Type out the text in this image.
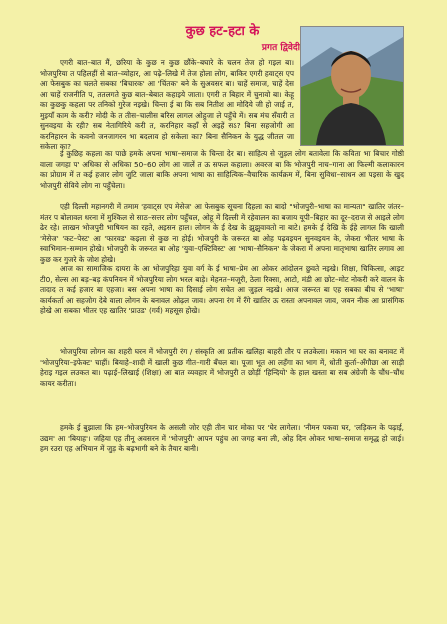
कुछ हट-हटा के
प्रगत द्विवेदी

एगरी बात–बात मैं, छरिया के कुछ न कुछ छौंके–बघारे के चलन तेज हो गइल बा। भोजपुरिया त पहिलहीं से बात–व्योहार, आ पढ़े–लिखे में तेज होला लोग, बाकिर एगरी हवाट्स एप आ फेसबुक का चलते सबका 'बिचारक' आ 'चिंतक' बने के सुअवसर बा। चाहें समाज, चाहें देस आ चाहें राजनीति प, ततलगते कुछ बात–बेबात कहाइये जाता। एगरी त बिहार में चुनावो बा। केहू का कुछकु कहला पर तनिको गुरेज नइखे। चिन्ता ई बा कि सब नितीश आ मोदिये जी हो जाई त, मुइयाँ काम के करी? मोदी के त तीस–चालीस बरिस लागल ओहुजा ले पहुँचे में। सब मंच सँवारी त सुनवइया के रही? सब नेतागिरिये करी त, करनिहार कहाँ से अइहें सऽ? बिना सहजोगी आ करनिहारन के कवनो जनजागरन भा बदलाव हो सकेला का? बिना सैनिकन के युद्ध जीतल जा सकेला का?

ई कुछिह कहला का पाछे हमके अपना भाषा–समाज के चिन्ता देर बा। साहित्य से जुड़ल लोग बतावेला कि कविता भा बिचार गोष्ठी वाला जगहा प' अधिका से अधिका 50–60 लोग आ जालें त ऊ सफल कहाला। अवरज बा कि भोजपुरी नाच–गाना आ फिल्मी कलाकारन का प्रोग्राम में त कई हजार लोग जुटि जाला बाकि अपना भाषा का साहित्यिक–वैचारिक कार्यक्रम में, बिना सुविधा–साधन आ पइसा के खुद भोजपुरी सेविये लोग ना पहुँचेला।

एही दिल्ली महानगरी में तमाम 'हवाट्स एप मेसेज' आ फेसबुक सूचना दिहला का बादो "भोजपुरी–भाषा का मान्यता" खातिर जंतर–मंतर प बोलावल धरना में मुश्किल से साठ–सत्तर लोग पहुँचल, ओहू में दिल्ली में रहेवालन का बजाय यूपी–बिहार का दूर–दराज से आइले लोग ढेर रहे। लाखन भोजपुरी भाषियन का रहते, अइसन हाल। लोगन के ई देख के झुझुवावतो ना बाटे। हमके ई देखि के ईहे लागल कि खाली 'मेसेज' 'कट–पेस्ट' आ 'फारवड' कइला से कुछ ना होई। भोजपुरी के जरूरत बा ओह पढ़वइयन सुनवइयन के, जेकरा भीतर भाषा के स्वाभिमान–सम्मान होखे। भोजपुरी के जरूरत बा ओह 'युवा–एक्टिविस्ट' आ 'भाषा–सैनिकन' के जेकरा में अपना मातृभाषा खातिर लगाव आ कुछ कर गुजरे के जोश होखे।

आज का सामाजिक दायरा के आ भोजपुरिहा युवा वर्ग के ई भाषा–प्रेम आ ओकर आंदोलन छुवते नइखे। शिक्षा, चिकित्सा, आइट टी0, सेल्स आ बड़–बड़ कंपनियन में भोजपुरिया लोग भरल बाड़े। मेहनत–मजूरी, ठेला रिक्सा, आटो, मंडी आ छोट–मोट नोकरी करे वालन के तादाद त कई हजार बा एहजा। बस अपना भाषा का दिसाई लोग सचेत आ जुड़ल नइखे। आज जरूरत बा एह सबका बीच से 'भाषा' कार्यकर्ता आ सहजोग देबे वाला लोगन के बनावल ओढ़ल जाव। अपना रंग में रँगे खातिर ऊ रास्ता अपनावल जाव, जवन नीक आ प्रासंगिक होखे आ सबका भीतर एह खातिर 'प्राउड' (गर्व) महसूस होखे।

भोजपुरिया लोगन का शहरी घरन में भोजपुरी रंग / संस्कृति आ प्रतीक खलिहा बाहरी तौर प लउकेला। मकान भा घर का बनावट में 'भोजपुरिया–इफेक्ट' चाहीं। बियाहे–शादी में खाली कुछ गीत–गारी बँचल बा। पूजा भूत आ लहँगा का भाग में, धोती कुर्ता–अँगौछा आ साड़ी हेराइ गइल लउकत बा। पढ़ाई–लिखाई (शिक्षा) आ बात व्यवहार में भोजपुरी त छोड़ीं 'हिन्दियो' के हाल खस्ता बा सब अंग्रेजी के चौंध–चौंध कायर करीता।

हमके ई बुझाला कि हम–भोजपुरियन के असली जोर एही तीन चार मोका पर 'घेर लागेला। 'नीमन पकवा घर, 'लड़िकन के पढ़ाई, उद्यम' आ 'बियाह'। जहिया एह तीनू अवसरन में 'भोजपुरी' आपन पहुंच आ जगह बना ली, ओह दिन ओकर भाषा–समाज समृद्ध हो जाई। हम रउरा एह अभियान में जुड़ के बढ़भागी बने के तैयार बानी।
